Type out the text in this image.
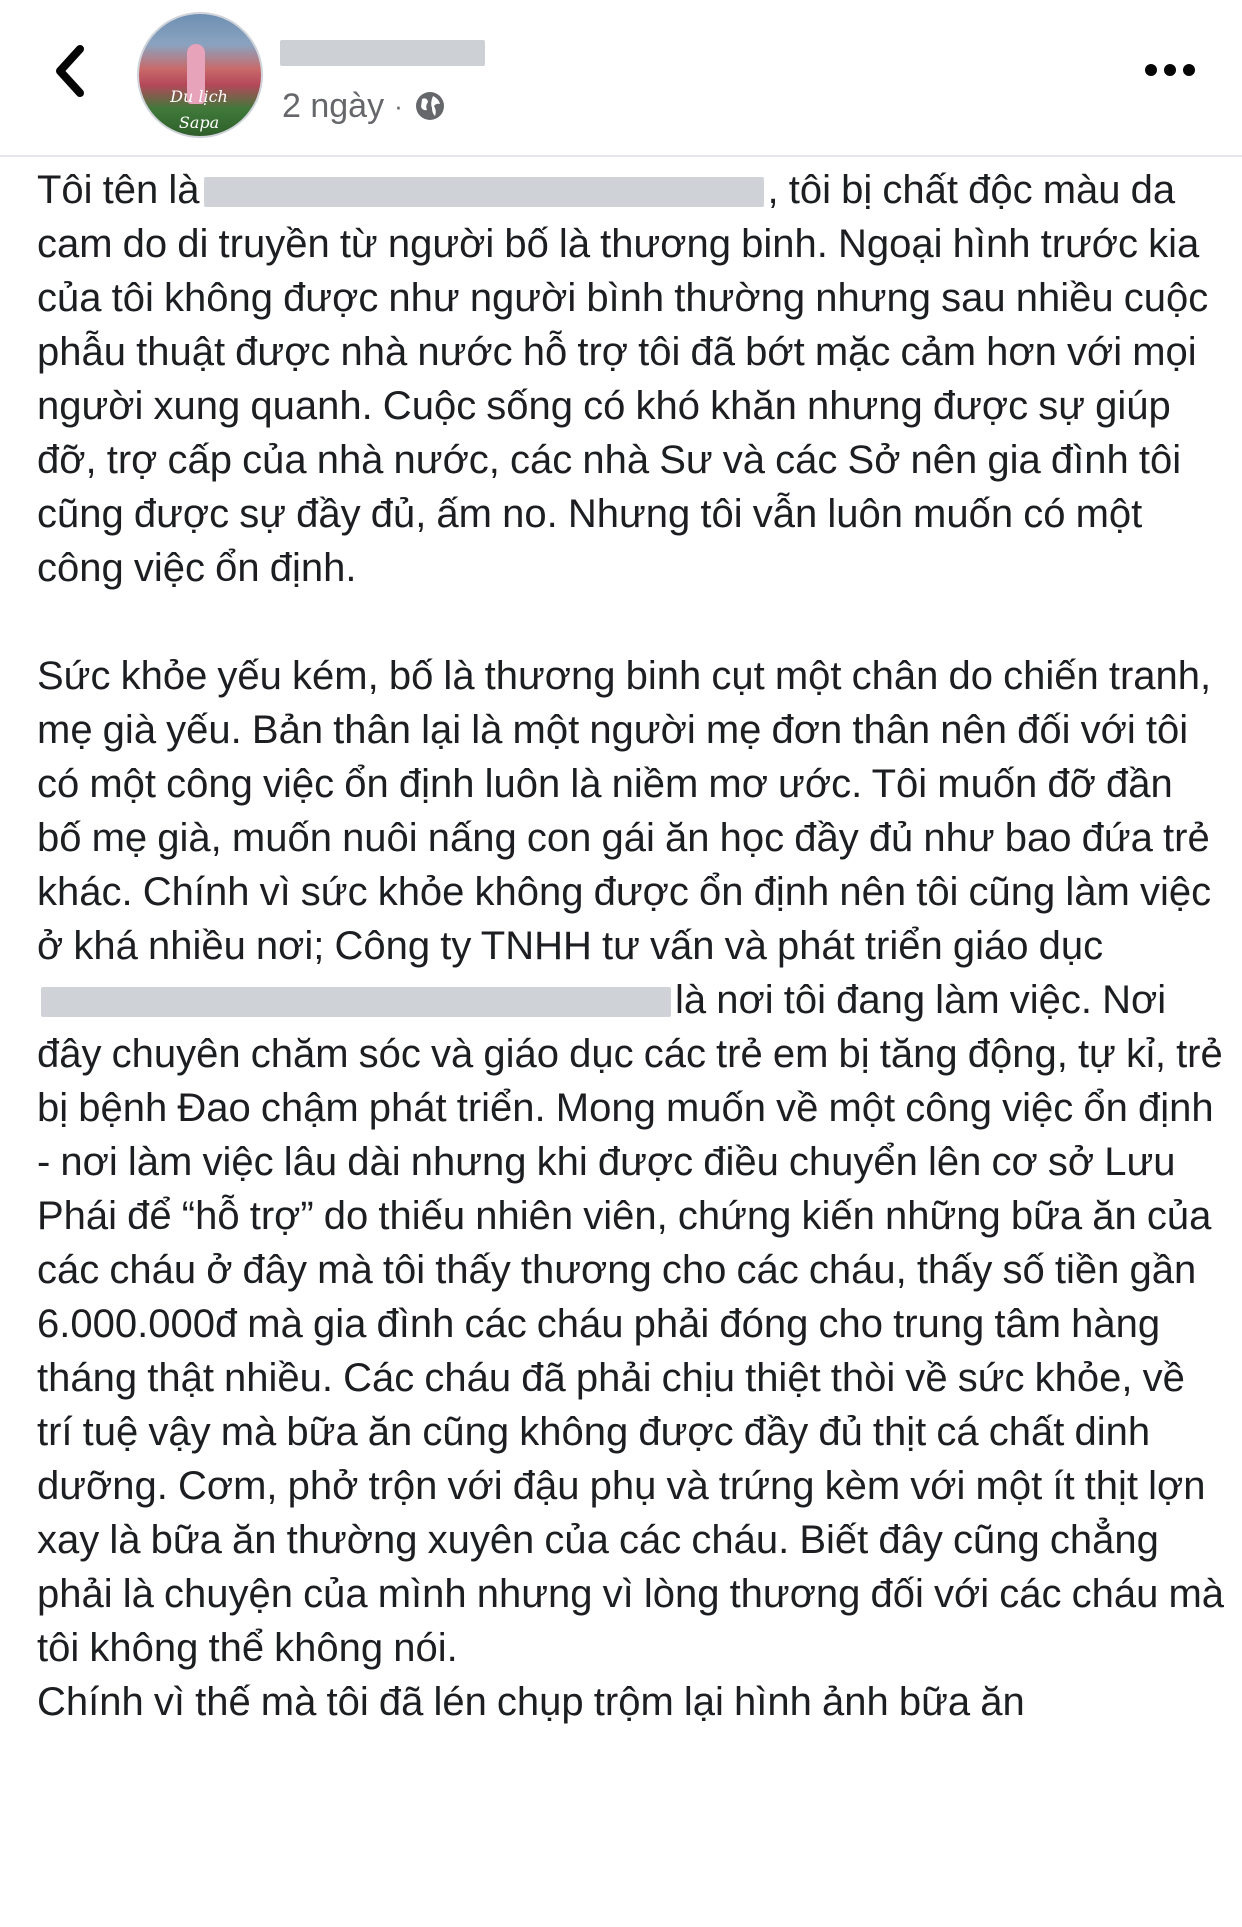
Du lịch Sapa	2 ngày ·

Tôi tên là	, tôi bị chất độc màu da cam do di truyền từ người bố là thương binh. Ngoại hình trước kia của tôi không được như người bình thường nhưng sau nhiều cuộc phẫu thuật được nhà nước hỗ trợ tôi đã bớt mặc cảm hơn với mọi người xung quanh. Cuộc sống có khó khăn nhưng được sự giúp đỡ, trợ cấp của nhà nước, các nhà Sư và các Sở nên gia đình tôi cũng được sự đầy đủ, ấm no. Nhưng tôi vẫn luôn muốn có một công việc ổn định.

Sức khỏe yếu kém, bố là thương binh cụt một chân do chiến tranh, mẹ già yếu. Bản thân lại là một người mẹ đơn thân nên đối với tôi có một công việc ổn định luôn là niềm mơ ước. Tôi muốn đỡ đần bố mẹ già, muốn nuôi nấng con gái ăn học đầy đủ như bao đứa trẻ khác. Chính vì sức khỏe không được ổn định nên tôi cũng làm việc ở khá nhiều nơi; Công ty TNHH tư vấn và phát triển giáo dụclà nơi tôi đang làm việc. Nơi đây chuyên chăm sóc và giáo dục các trẻ em bị tăng động, tự kỉ, trẻ bị bệnh Đao chậm phát triển. Mong muốn về một công việc ổn định - nơi làm việc lâu dài nhưng khi được điều chuyển lên cơ sở Lưu Phái để “hỗ trợ” do thiếu nhiên viên, chứng kiến những bữa ăn của các cháu ở đây mà tôi thấy thương cho các cháu, thấy số tiền gần 6.000.000đ mà gia đình các cháu phải đóng cho trung tâm hàng tháng thật nhiều. Các cháu đã phải chịu thiệt thòi về sức khỏe, về trí tuệ vậy mà bữa ăn cũng không được đầy đủ thịt cá chất dinh dưỡng. Cơm, phở trộn với đậu phụ và trứng kèm với một ít thịt lợn xay là bữa ăn thường xuyên của các cháu. Biết đây cũng chẳng phải là chuyện của mình nhưng vì lòng thương đối với các cháu mà tôi không thể không nói.

Chính vì thế mà tôi đã lén chụp trộm lại hình ảnh bữa ăn
